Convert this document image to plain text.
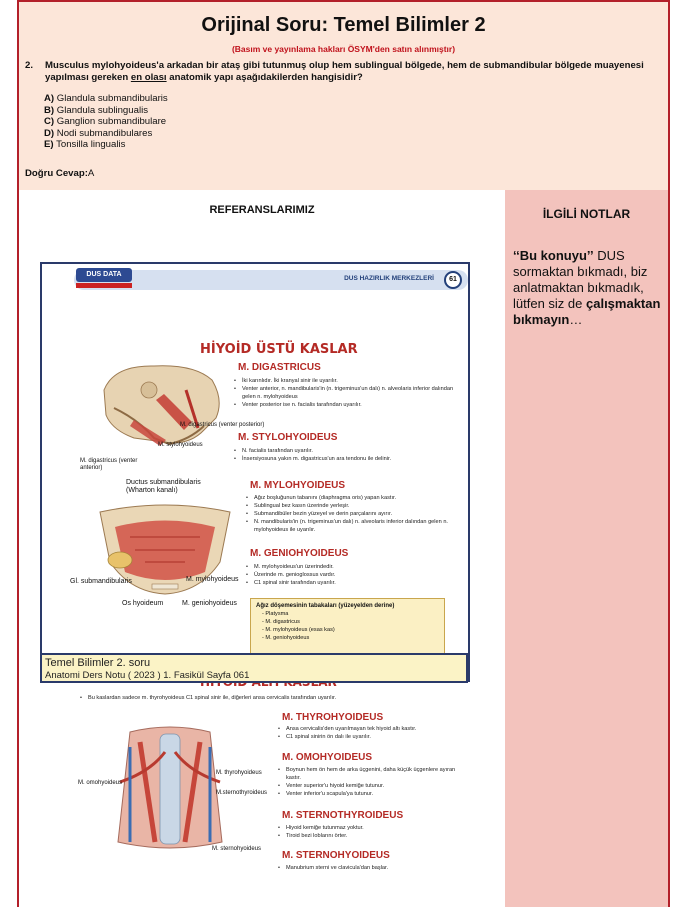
Orijinal Soru: Temel Bilimler 2
(Basım ve yayınlama hakları ÖSYM'den satın alınmıştır)
2. Musculus mylohyoideus'a arkadan bir ataş gibi tutunmuş olup hem sublingual bölgede, hem de submandibular bölgede muayenesi yapılması gereken en olası anatomik yapı aşağıdakilerden hangisidir?
A) Glandula submandibularis
B) Glandula sublingualis
C) Ganglion submandibulare
D) Nodi submandibulares
E) Tonsilla lingualis
Doğru Cevap:A
REFERANSLARIMIZ	İLGİLİ NOTLAR
‘‘Bu konuyu’’ DUS sormaktan bıkmadı, biz anlatmaktan bıkmadık, lütfen siz de çalışmaktan bıkmayın…
DUS HAZIRLIK MERKEZLERİ	61
DUS DATA
HİYOİD ÜSTÜ KASLAR
M. digastricus (venter posterior)
M. stylohyoideus
M. digastricus (venter anterior)
M. DIGASTRICUS
• İki karınlıdır. İki kranyal sinir ile uyarılır.
• Venter anterior, n. mandibularis'in (n. trigeminus'un dalı) n. alveolaris inferior dalından gelen n. mylohyoideus
• Venter posterior ise n. facialis tarafından uyarılır.
M. STYLOHYOIDEUS
• N. facialis tarafından uyarılır.
• İnsersiyosuna yakın m. digastricus'un ara tendonu ile delinir.
M. MYLOHYOIDEUS
• Ağız boşluğunun tabanını (diaphragma oris) yapan kastır.
• Sublingual bez kasın üzerinde yerleşir.
• Submandibüler bezin yüzeyel ve derin parçalarını ayırır.
• N. mandibularis'in (n. trigeminus'un dalı) n. alveolaris inferior dalından gelen n. mylohyoideus ile uyarılır.
M. GENIOHYOIDEUS
• M. mylohyoideus'un üzerindedir.
• Üzerinde m. genioglossus vardır.
• C1 spinal sinir tarafından uyarılır.
Ductus submandibularis (Wharton kanalı)
Gl. submandibularis	M. mylohyoideus
Os hyoideum	M. geniohyoideus	Ağız döşemesinin tabakaları (yüzeyelden derine)
- Platysma
- M. digastricus
- M. mylohyoideus (esas kas)
- M. geniohyoideus
• Bu kaslardan sadece m. thyrohyoideus C1 spinal sinir ile, diğerleri ansa cervicalis tarafından uyarılır.
M. thyrohyoideus
M. omohyoideus
M.sternothyroideus
M. sternohyoideus
M. THYROHYOIDEUS
• Ansa cervicalis'den uyarılmayan tek hiyoid altı kastır.
• C1 spinal sinirin ön dalı ile uyarılır.
M. OMOHYOIDEUS
• Boynun hem ön hem de arka üçgenini, daha küçük üçgenlere ayıran kastır.
• Venter superior'u hiyoid kemiğe tutunur.
• Venter inferior'u scapula'ya tutunur.
M. STERNOTHYROIDEUS
• Hiyoid kemiğe tutunmaz yoktur.
• Tiroid bezi loblarını örter.
M. STERNOHYOIDEUS
• Manubrium sterni ve clavicula'dan başlar.
Temel Bilimler 2. soru
Anatomi Ders Notu ( 2023 ) 1. Fasikül Sayfa 061
